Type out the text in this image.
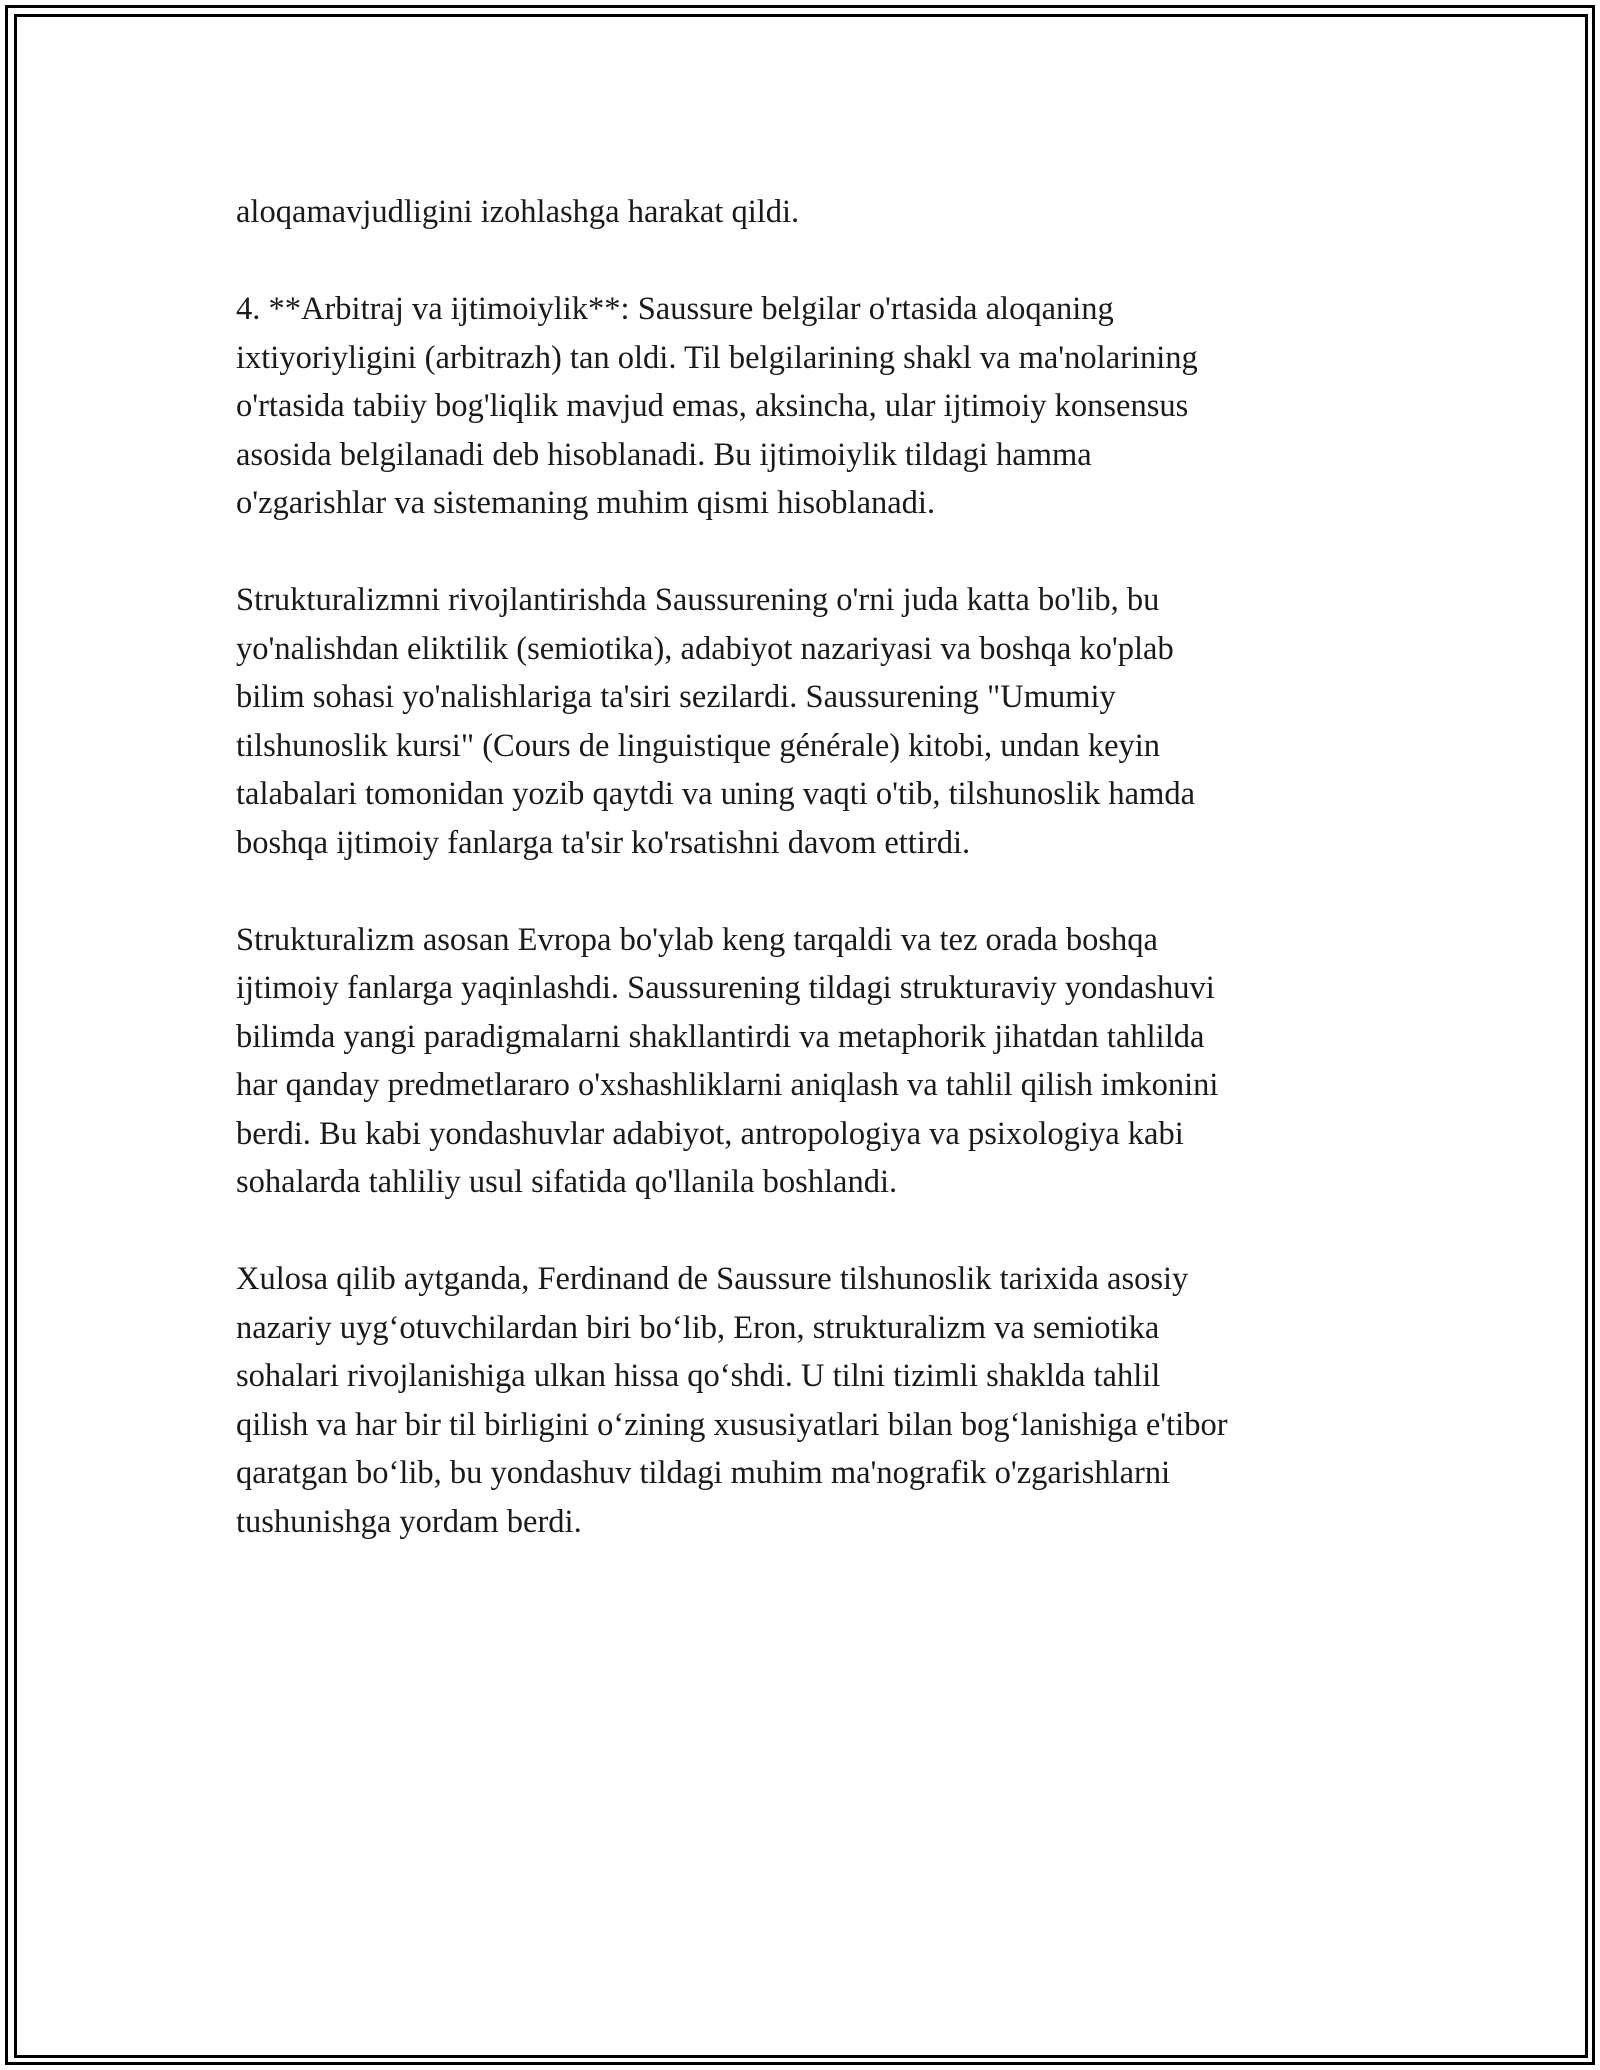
aloqamavjudligini izohlashga harakat qildi.

4. **Arbitraj va ijtimoiylik**: Saussure belgilar o'rtasida aloqaning
ixtiyoriyligini (arbitrazh) tan oldi. Til belgilarining shakl va ma'nolarining
o'rtasida tabiiy bog'liqlik mavjud emas, aksincha, ular ijtimoiy konsensus
asosida belgilanadi deb hisoblanadi. Bu ijtimoiylik tildagi hamma
o'zgarishlar va sistemaning muhim qismi hisoblanadi.

Strukturalizmni rivojlantirishda Saussurening o'rni juda katta bo'lib, bu
yo'nalishdan eliktilik (semiotika), adabiyot nazariyasi va boshqa ko'plab
bilim sohasi yo'nalishlariga ta'siri sezilardi. Saussurening "Umumiy
tilshunoslik kursi" (Cours de linguistique générale) kitobi, undan keyin
talabalari tomonidan yozib qaytdi va uning vaqti o'tib, tilshunoslik hamda
boshqa ijtimoiy fanlarga ta'sir ko'rsatishni davom ettirdi.

Strukturalizm asosan Evropa bo'ylab keng tarqaldi va tez orada boshqa
ijtimoiy fanlarga yaqinlashdi. Saussurening tildagi strukturaviy yondashuvi
bilimda yangi paradigmalarni shakllantirdi va metaphorik jihatdan tahlilda
har qanday predmetlararo o'xshashliklarni aniqlash va tahlil qilish imkonini
berdi. Bu kabi yondashuvlar adabiyot, antropologiya va psixologiya kabi
sohalarda tahliliy usul sifatida qo'llanila boshlandi.

Xulosa qilib aytganda, Ferdinand de Saussure tilshunoslik tarixida asosiy
nazariy uygʻotuvchilardan biri boʻlib, Eron, strukturalizm va semiotika
sohalari rivojlanishiga ulkan hissa qoʻshdi. U tilni tizimli shaklda tahlil
qilish va har bir til birligini oʻzining xususiyatlari bilan bogʻlanishiga e'tibor
qaratgan boʻlib, bu yondashuv tildagi muhim ma'nografik o'zgarishlarni
tushunishga yordam berdi.
